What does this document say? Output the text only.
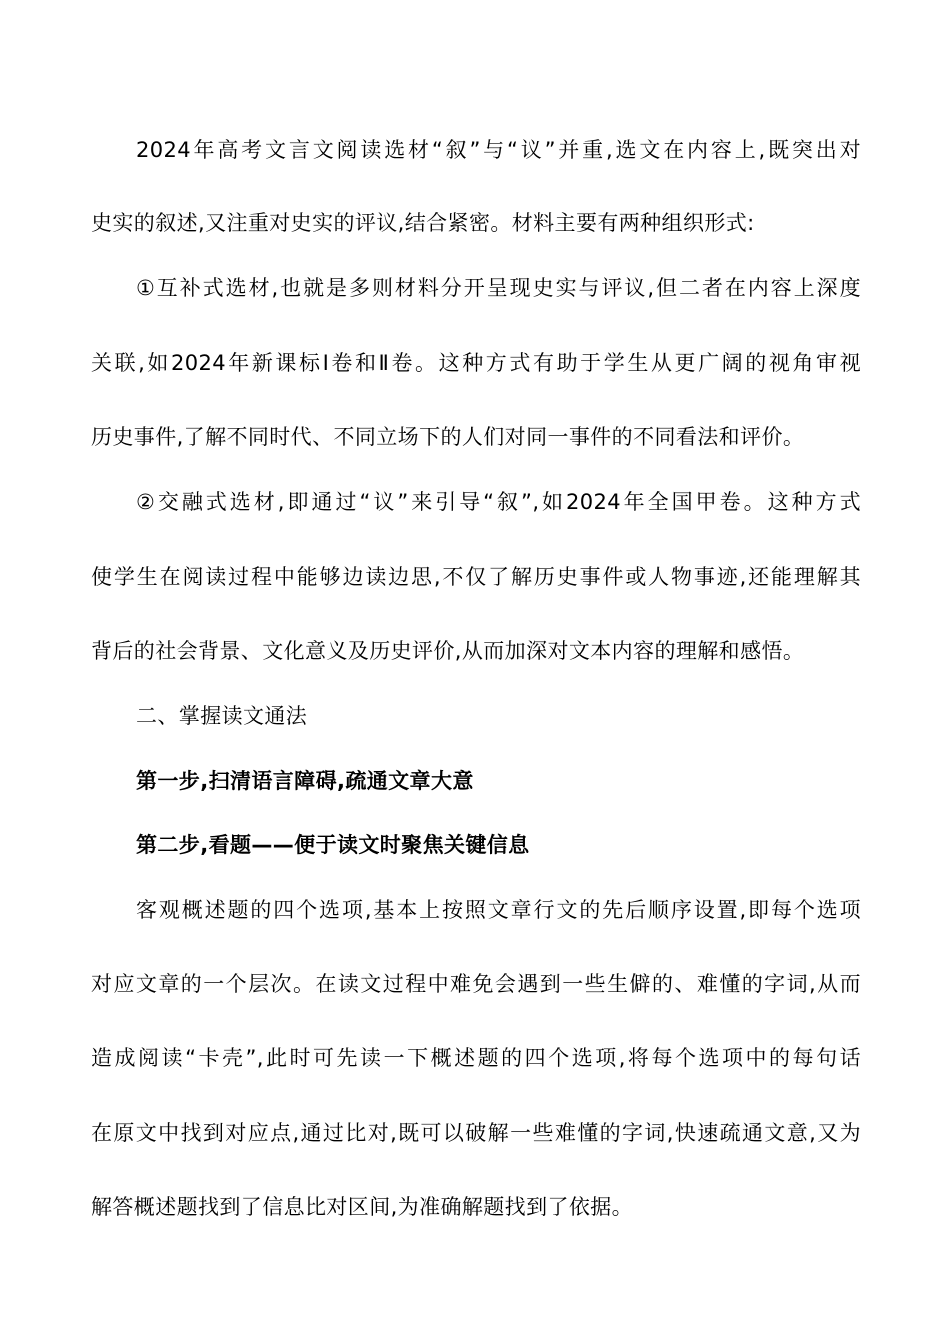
2024年高考文言文阅读选材“叙”与“议”并重,选文在内容上,既突出对
史实的叙述,又注重对史实的评议,结合紧密。材料主要有两种组织形式:
①互补式选材,也就是多则材料分开呈现史实与评议,但二者在内容上深度
关联,如2024年新课标Ⅰ卷和Ⅱ卷。这种方式有助于学生从更广阔的视角审视
历史事件,了解不同时代、不同立场下的人们对同一事件的不同看法和评价。
②交融式选材,即通过“议”来引导“叙”,如2024年全国甲卷。这种方式
使学生在阅读过程中能够边读边思,不仅了解历史事件或人物事迹,还能理解其
背后的社会背景、文化意义及历史评价,从而加深对文本内容的理解和感悟。
二、掌握读文通法
第一步,扫清语言障碍,疏通文章大意
第二步,看题——便于读文时聚焦关键信息
客观概述题的四个选项,基本上按照文章行文的先后顺序设置,即每个选项
对应文章的一个层次。在读文过程中难免会遇到一些生僻的、难懂的字词,从而
造成阅读“卡壳”,此时可先读一下概述题的四个选项,将每个选项中的每句话
在原文中找到对应点,通过比对,既可以破解一些难懂的字词,快速疏通文意,又为
解答概述题找到了信息比对区间,为准确解题找到了依据。
